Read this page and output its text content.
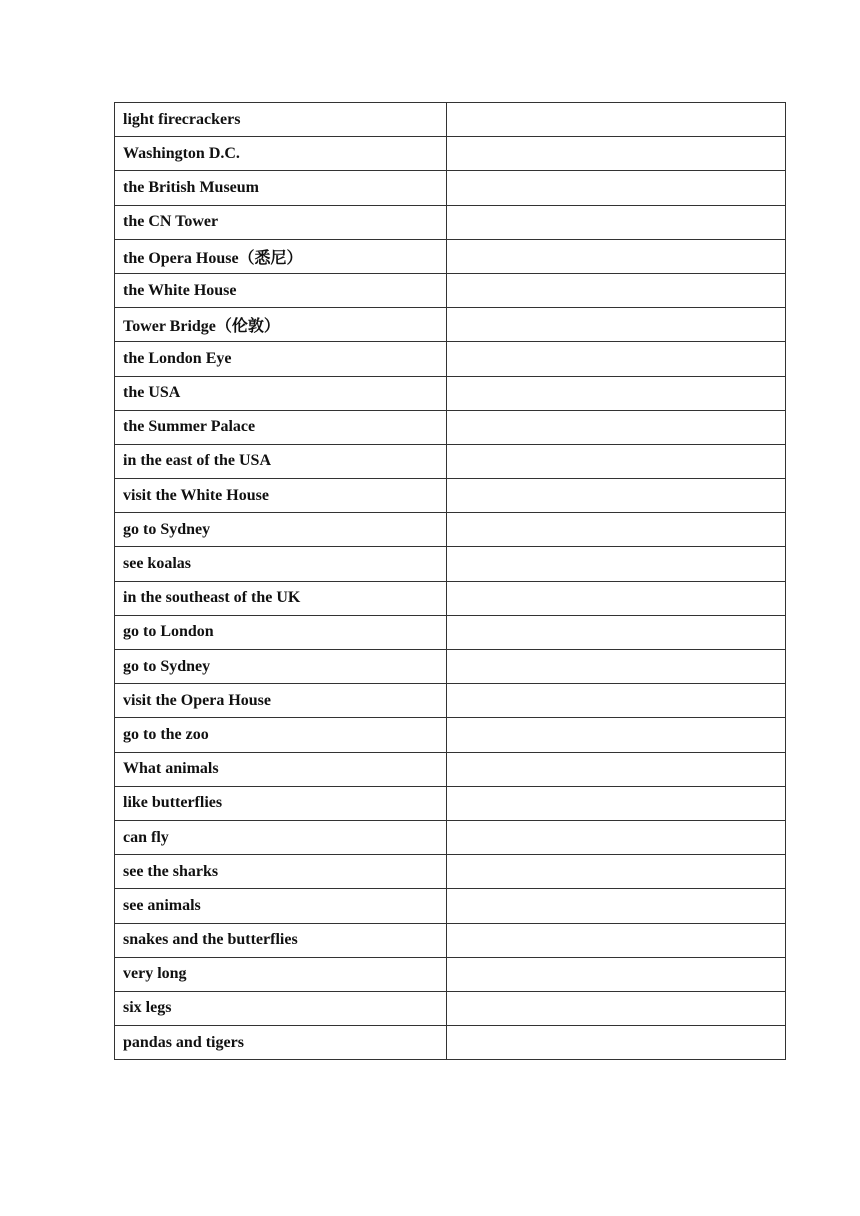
light firecrackers	
Washington D.C.	
the British Museum	
the CN Tower	
the Opera House（悉尼）	
the White House	
Tower Bridge（伦敦）	
the London Eye	
the USA	
the Summer Palace	
in the east of the USA	
visit the White House	
go to Sydney	
see koalas	
in the southeast of the UK	
go to London	
go to Sydney	
visit the Opera House	
go to the zoo	
What animals	
like butterflies	
can fly	
see the sharks	
see animals	
snakes and the butterflies	
very long	
six legs	
pandas and tigers	
